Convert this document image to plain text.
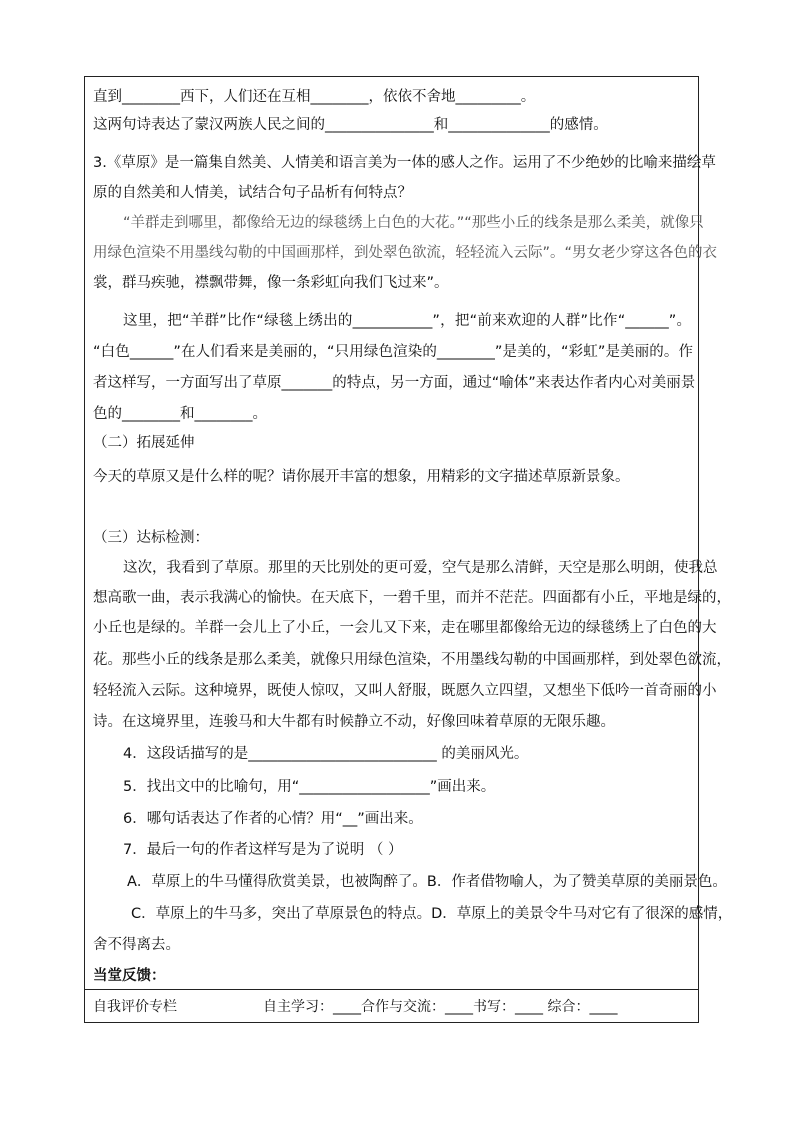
直到________西下，人们还在互相________，依依不舍地_________。
这两句诗表达了蒙汉两族人民之间的_______________和______________的感情。
3.《草原》是一篇集自然美、人情美和语言美为一体的感人之作。运用了不少绝妙的比喻来描绘草
原的自然美和人情美，试结合句子品析有何特点？
“羊群走到哪里，都像给无边的绿毯绣上白色的大花。”“那些小丘的线条是那么柔美，就像只
用绿色渲染不用墨线勾勒的中国画那样，到处翠色欲流，轻轻流入云际”。“男女老少穿这各色的衣
裳，群马疾驰，襟飘带舞，像一条彩虹向我们飞过来”。
这里，把“羊群”比作“绿毯上绣出的___________”，把“前来欢迎的人群”比作“______”。
“白色______”在人们看来是美丽的，“只用绿色渲染的________”是美的，“彩虹”是美丽的。作
者这样写，一方面写出了草原_______的特点，另一方面，通过“喻体”来表达作者内心对美丽景
色的________和________。
（二）拓展延伸
今天的草原又是什么样的呢？请你展开丰富的想象，用精彩的文字描述草原新景象。
（三）达标检测：
这次，我看到了草原。那里的天比别处的更可爱，空气是那么清鲜，天空是那么明朗，使我总
想高歌一曲，表示我满心的愉快。在天底下，一碧千里，而并不茫茫。四面都有小丘，平地是绿的，
小丘也是绿的。羊群一会儿上了小丘，一会儿又下来，走在哪里都像给无边的绿毯绣上了白色的大
花。那些小丘的线条是那么柔美，就像只用绿色渲染，不用墨线勾勒的中国画那样，到处翠色欲流，
轻轻流入云际。这种境界，既使人惊叹，又叫人舒服，既愿久立四望，又想坐下低吟一首奇丽的小
诗。在这境界里，连骏马和大牛都有时候静立不动，好像回味着草原的无限乐趣。
4．这段话描写的是__________________________ 的美丽风光。
5．找出文中的比喻句，用“__________________”画出来。
6．哪句话表达了作者的心情？用“__”画出来。
7．最后一句的作者这样写是为了说明 （ ）
A．草原上的牛马懂得欣赏美景，也被陶醉了。B．作者借物喻人，为了赞美草原的美丽景色。
C．草原上的牛马多，突出了草原景色的特点。D．草原上的美景令牛马对它有了很深的感情，
舍不得离去。
当堂反馈：
自我评价专栏	自主学习：____合作与交流：____书写：____ 综合：____
